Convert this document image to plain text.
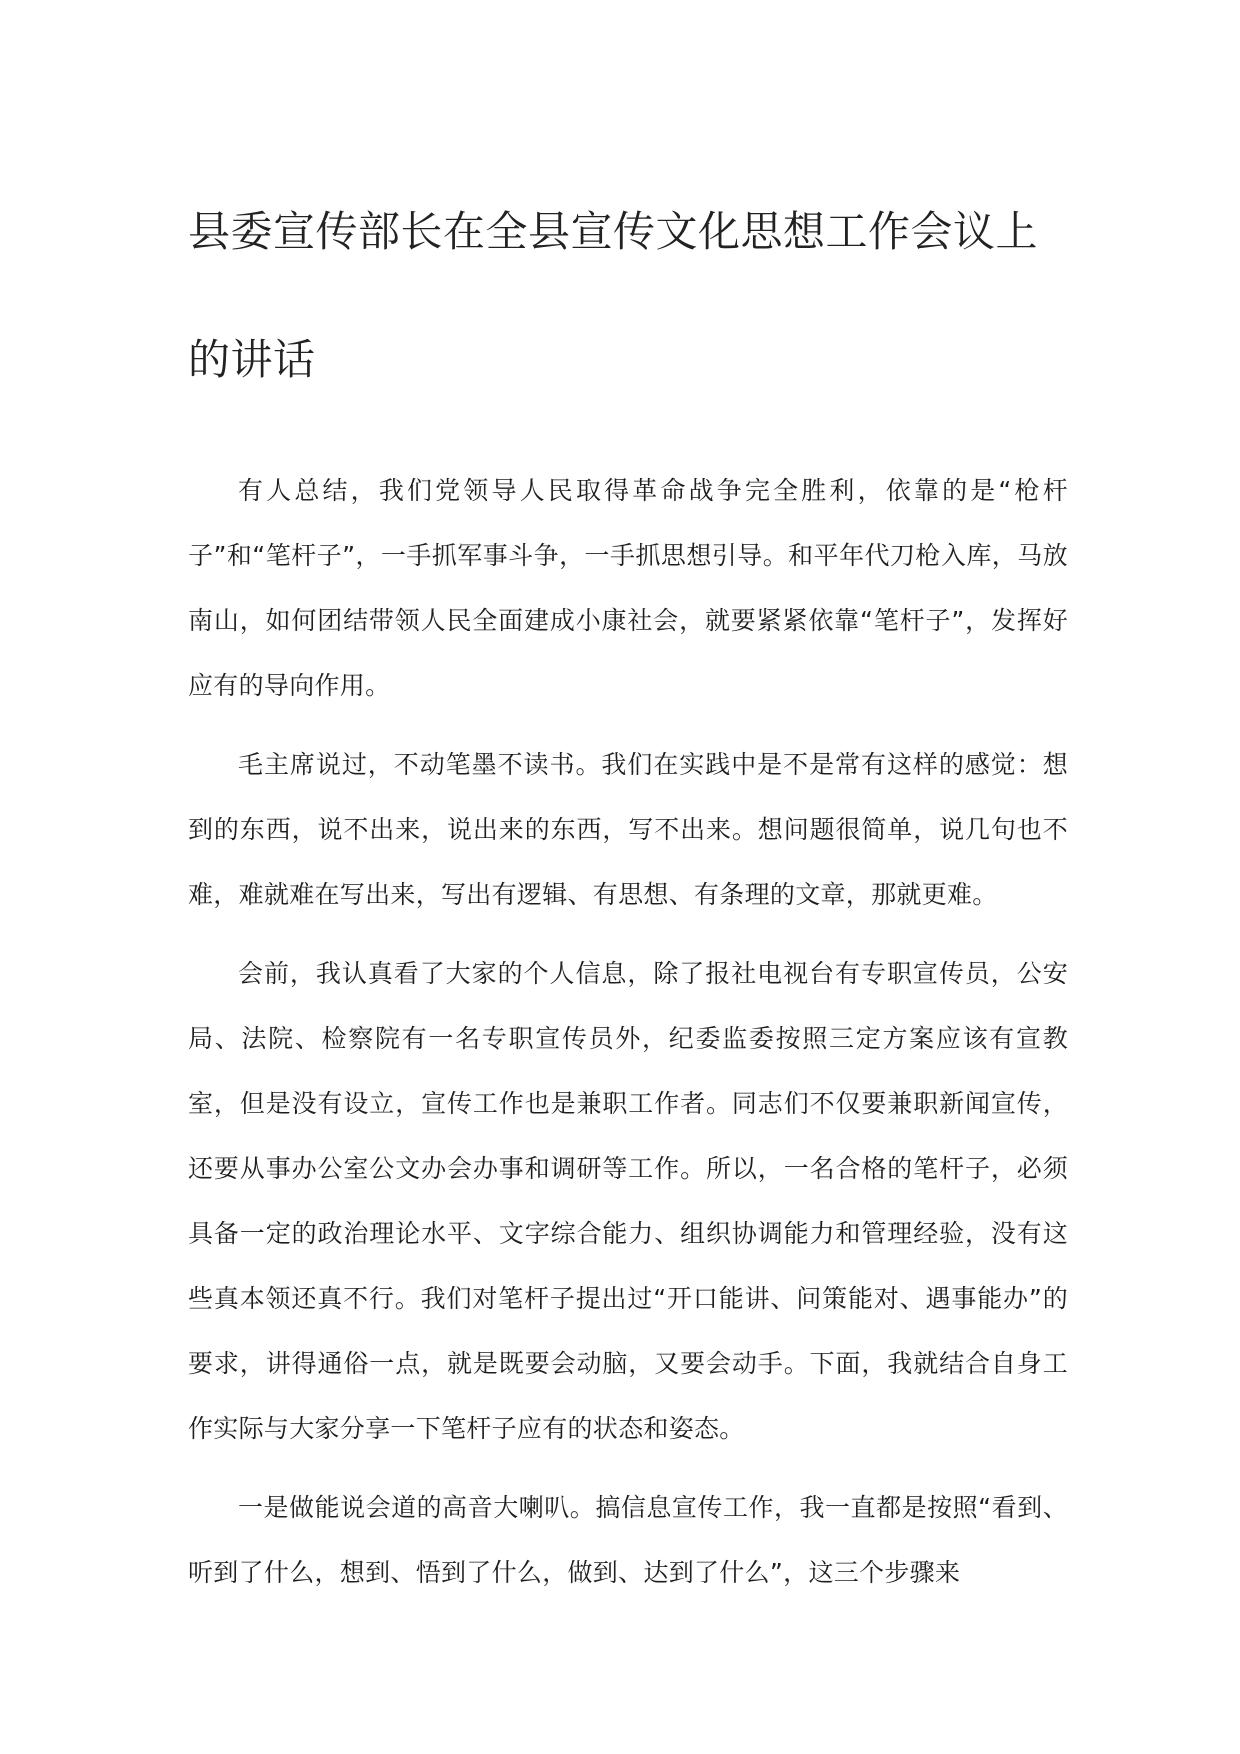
县委宣传部长在全县宣传文化思想工作会议上的讲话

有人总结，我们党领导人民取得革命战争完全胜利，依靠的是“枪杆子”和“笔杆子”，一手抓军事斗争，一手抓思想引导。和平年代刀枪入库，马放南山，如何团结带领人民全面建成小康社会，就要紧紧依靠“笔杆子”，发挥好应有的导向作用。

毛主席说过，不动笔墨不读书。我们在实践中是不是常有这样的感觉：想到的东西，说不出来，说出来的东西，写不出来。想问题很简单，说几句也不难，难就难在写出来，写出有逻辑、有思想、有条理的文章，那就更难。

会前，我认真看了大家的个人信息，除了报社电视台有专职宣传员，公安局、法院、检察院有一名专职宣传员外，纪委监委按照三定方案应该有宣教室，但是没有设立，宣传工作也是兼职工作者。同志们不仅要兼职新闻宣传，还要从事办公室公文办会办事和调研等工作。所以，一名合格的笔杆子，必须具备一定的政治理论水平、文字综合能力、组织协调能力和管理经验，没有这些真本领还真不行。我们对笔杆子提出过“开口能讲、问策能对、遇事能办”的要求，讲得通俗一点，就是既要会动脑，又要会动手。下面，我就结合自身工作实际与大家分享一下笔杆子应有的状态和姿态。

一是做能说会道的高音大喇叭。搞信息宣传工作，我一直都是按照“看到、听到了什么，想到、悟到了什么，做到、达到了什么”，这三个步骤来
